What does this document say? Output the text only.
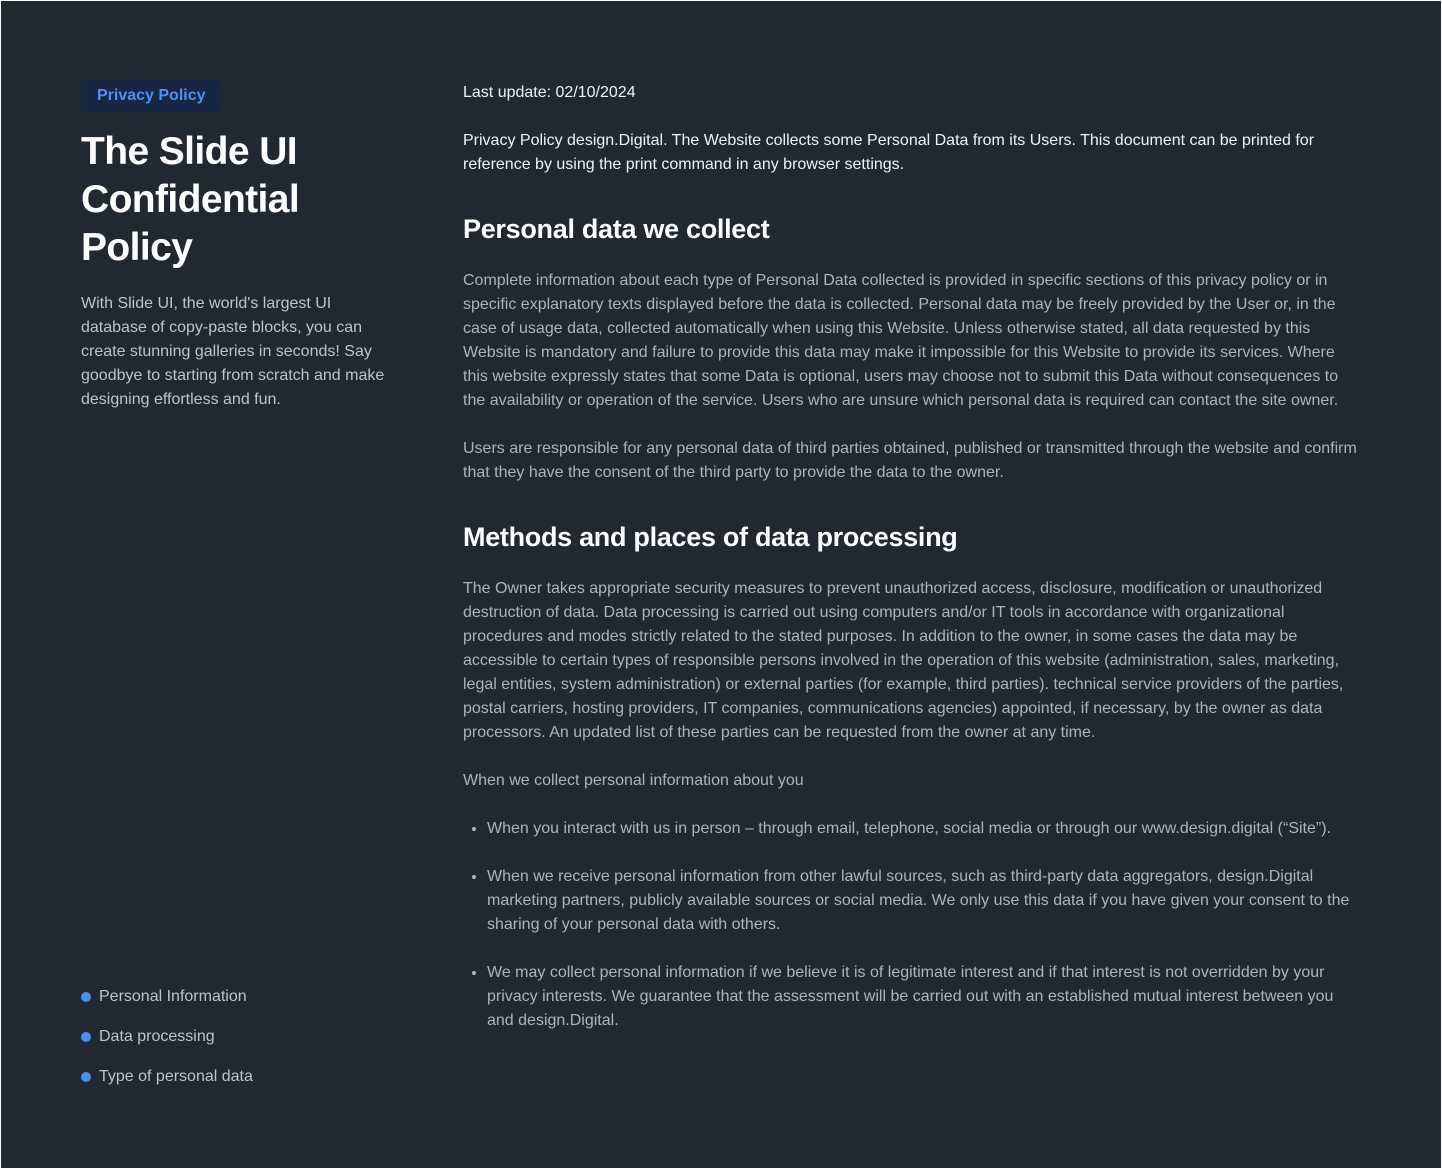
Privacy Policy
The Slide UI Confidential Policy

With Slide UI, the world's largest UI database of copy-paste blocks, you can create stunning galleries in seconds! Say goodbye to starting from scratch and make designing effortless and fun.

Personal Information
Data processing
Type of personal data

Last update: 02/10/2024

Privacy Policy design.Digital. The Website collects some Personal Data from its Users. This document can be printed for reference by using the print command in any browser settings.

Personal data we collect

Complete information about each type of Personal Data collected is provided in specific sections of this privacy policy or in specific explanatory texts displayed before the data is collected. Personal data may be freely provided by the User or, in the case of usage data, collected automatically when using this Website. Unless otherwise stated, all data requested by this Website is mandatory and failure to provide this data may make it impossible for this Website to provide its services. Where this website expressly states that some Data is optional, users may choose not to submit this Data without consequences to the availability or operation of the service. Users who are unsure which personal data is required can contact the site owner.

Users are responsible for any personal data of third parties obtained, published or transmitted through the website and confirm that they have the consent of the third party to provide the data to the owner.

Methods and places of data processing

The Owner takes appropriate security measures to prevent unauthorized access, disclosure, modification or unauthorized destruction of data. Data processing is carried out using computers and/or IT tools in accordance with organizational procedures and modes strictly related to the stated purposes. In addition to the owner, in some cases the data may be accessible to certain types of responsible persons involved in the operation of this website (administration, sales, marketing, legal entities, system administration) or external parties (for example, third parties). technical service providers of the parties, postal carriers, hosting providers, IT companies, communications agencies) appointed, if necessary, by the owner as data processors. An updated list of these parties can be requested from the owner at any time.

When we collect personal information about you

• When you interact with us in person – through email, telephone, social media or through our www.design.digital (“Site”).
• When we receive personal information from other lawful sources, such as third-party data aggregators, design.Digital marketing partners, publicly available sources or social media. We only use this data if you have given your consent to the sharing of your personal data with others.
• We may collect personal information if we believe it is of legitimate interest and if that interest is not overridden by your privacy interests. We guarantee that the assessment will be carried out with an established mutual interest between you and design.Digital.
